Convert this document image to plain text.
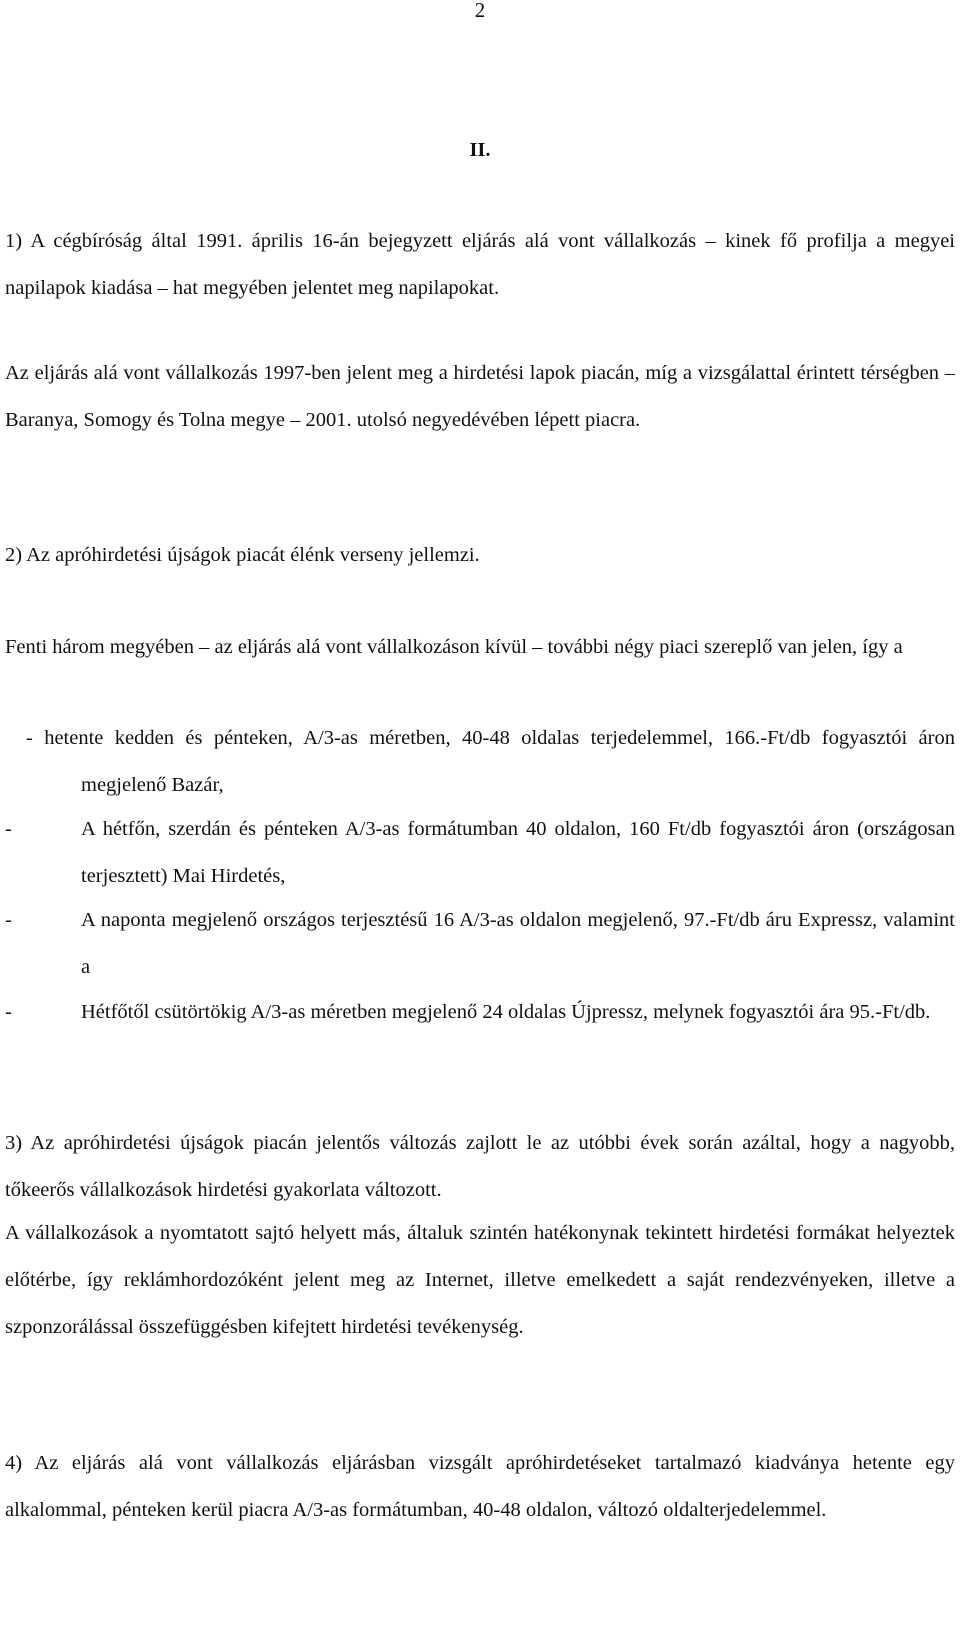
2
II.
1) A cégbíróság által 1991. április 16-án bejegyzett eljárás alá vont vállalkozás – kinek fő profilja a megyei napilapok kiadása – hat megyében jelentet meg napilapokat.
Az eljárás alá vont vállalkozás 1997-ben jelent meg a hirdetési lapok piacán, míg a vizsgálattal érintett térségben – Baranya, Somogy és Tolna megye – 2001. utolsó negyedévében lépett piacra.
2) Az apróhirdetési újságok piacát élénk verseny jellemzi.
Fenti három megyében – az eljárás alá vont vállalkozáson kívül – további négy piaci szereplő van jelen, így a
- hetente kedden és pénteken, A/3-as méretben, 40-48 oldalas terjedelemmel, 166.-Ft/db fogyasztói áron megjelenő Bazár,
-	A hétfőn, szerdán és pénteken A/3-as formátumban 40 oldalon, 160 Ft/db fogyasztói áron (országosan terjesztett) Mai Hirdetés,
-	A naponta megjelenő országos terjesztésű 16 A/3-as oldalon megjelenő, 97.-Ft/db áru Expressz, valamint a
-	Hétfőtől csütörtökig A/3-as méretben megjelenő 24 oldalas Újpressz, melynek fogyasztói ára 95.-Ft/db.
3) Az apróhirdetési újságok piacán jelentős változás zajlott le az utóbbi évek során azáltal, hogy a nagyobb, tőkeerős vállalkozások hirdetési gyakorlata változott.
A vállalkozások a nyomtatott sajtó helyett más, általuk szintén hatékonynak tekintett hirdetési formákat helyeztek előtérbe, így reklámhordozóként jelent meg az Internet, illetve emelkedett a saját rendezvényeken, illetve a szponzorálással összefüggésben kifejtett hirdetési tevékenység.
4) Az eljárás alá vont vállalkozás eljárásban vizsgált apróhirdetéseket tartalmazó kiadványa hetente egy alkalommal, pénteken kerül piacra A/3-as formátumban, 40-48 oldalon, változó oldalterjedelemmel.
